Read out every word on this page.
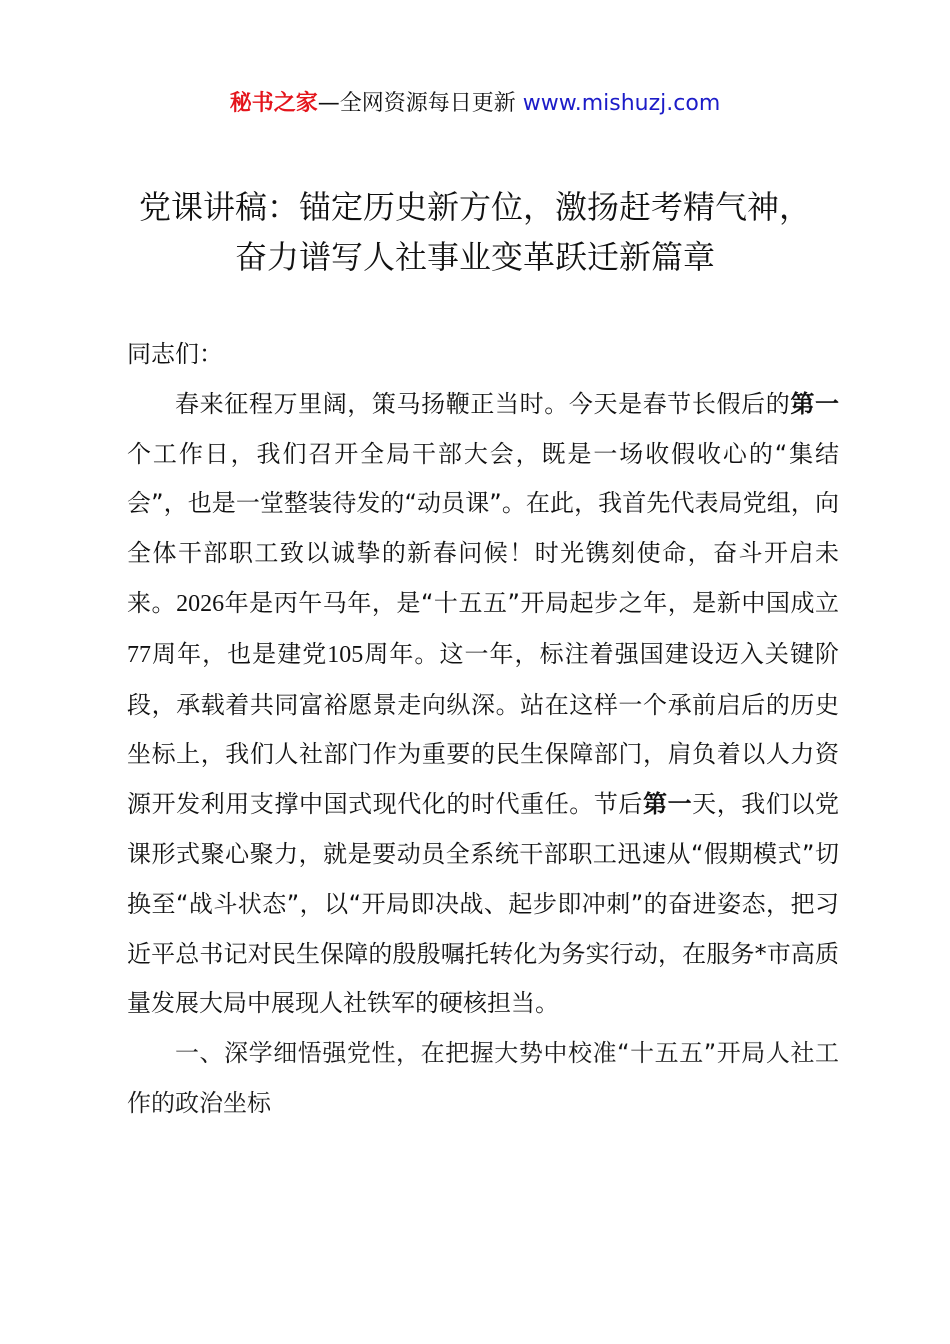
秘书之家—全网资源每日更新 www.mishuzj.com
党课讲稿：锚定历史新方位，激扬赶考精气神，
奋力谱写人社事业变革跃迁新篇章

同志们：

春来征程万里阔，策马扬鞭正当时。今天是春节长假后的第一个工作日，我们召开全局干部大会，既是一场收假收心的“集结会”，也是一堂整装待发的“动员课”。在此，我首先代表局党组，向全体干部职工致以诚挚的新春问候！时光镌刻使命，奋斗开启未来。2026年是丙午马年，是“十五五”开局起步之年，是新中国成立77周年，也是建党105周年。这一年，标注着强国建设迈入关键阶段，承载着共同富裕愿景走向纵深。站在这样一个承前启后的历史坐标上，我们人社部门作为重要的民生保障部门，肩负着以人力资源开发利用支撑中国式现代化的时代重任。节后第一天，我们以党课形式聚心聚力，就是要动员全系统干部职工迅速从“假期模式”切换至“战斗状态”，以“开局即决战、起步即冲刺”的奋进姿态，把习近平总书记对民生保障的殷殷嘱托转化为务实行动，在服务*市高质量发展大局中展现人社铁军的硬核担当。

一、深学细悟强党性，在把握大势中校准“十五五”开局人社工作的政治坐标
